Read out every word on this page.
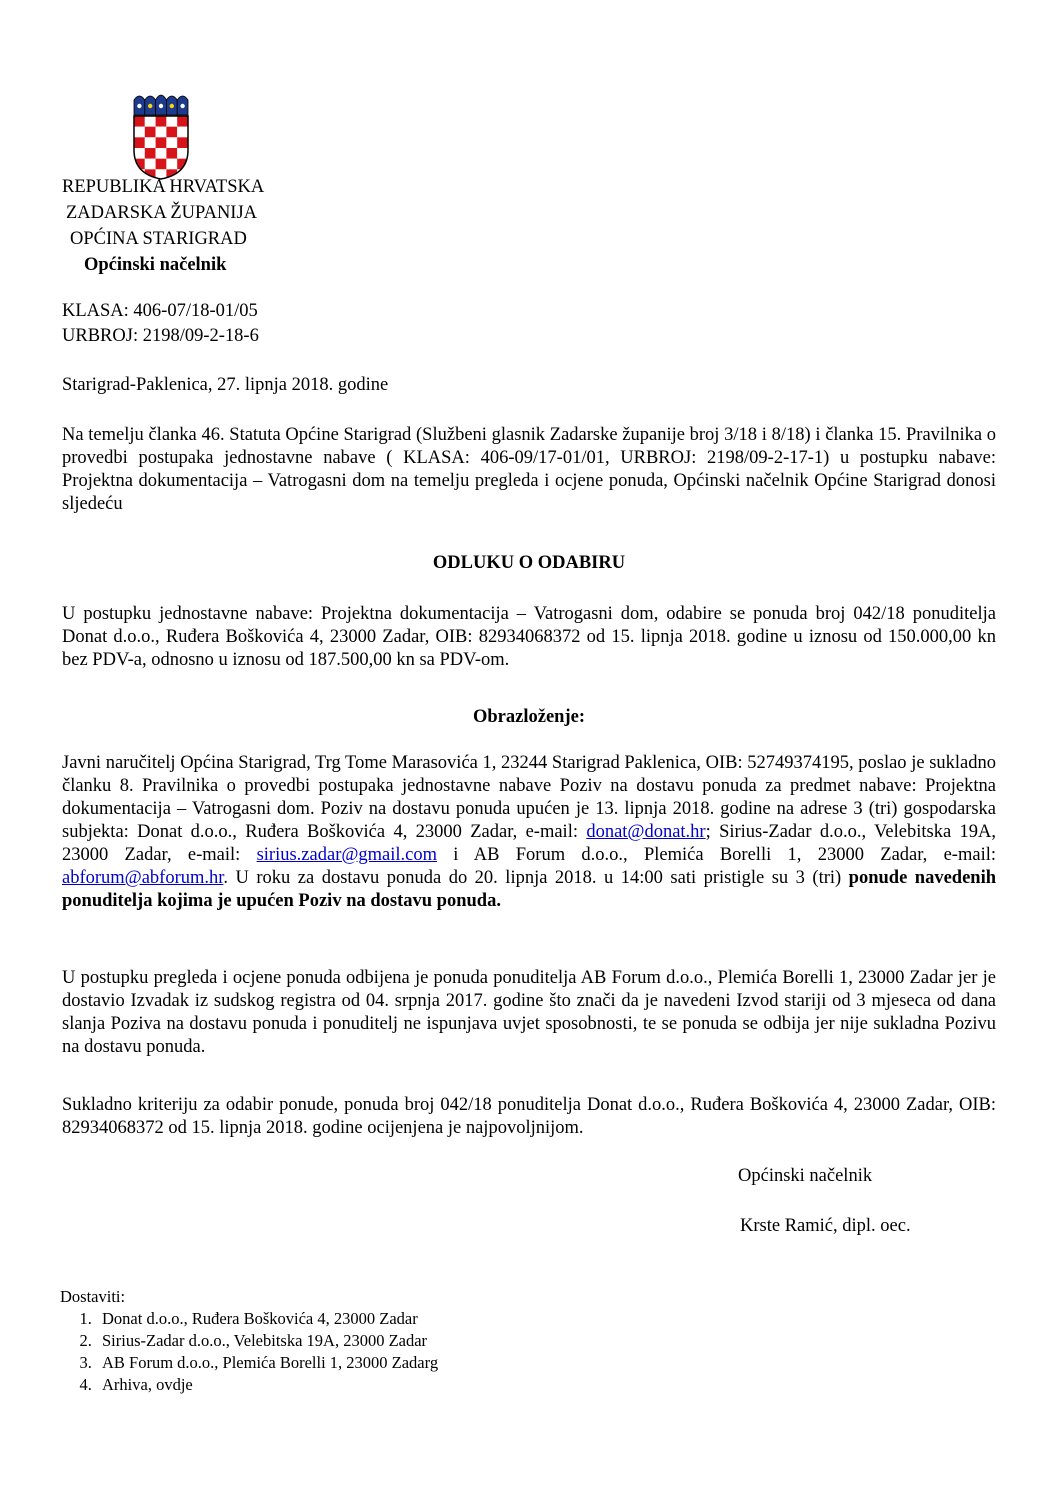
REPUBLIKA HRVATSKA
ZADARSKA ŽUPANIJA
OPĆINA STARIGRAD
Općinski načelnik
KLASA: 406-07/18-01/05
URBROJ: 2198/09-2-18-6
Starigrad-Paklenica, 27. lipnja 2018. godine
Na temelju članka 46. Statuta Općine Starigrad (Službeni glasnik Zadarske županije broj 3/18 i 8/18) i članka 15. Pravilnika o provedbi postupaka jednostavne nabave ( KLASA: 406-09/17-01/01, URBROJ: 2198/09-2-17-1) u postupku nabave: Projektna dokumentacija – Vatrogasni dom na temelju pregleda i ocjene ponuda, Općinski načelnik Općine Starigrad donosi sljedeću
ODLUKU O ODABIRU
U postupku jednostavne nabave: Projektna dokumentacija – Vatrogasni dom, odabire se ponuda broj 042/18 ponuditelja Donat d.o.o., Ruđera Boškovića 4, 23000 Zadar, OIB: 82934068372 od 15. lipnja 2018. godine u iznosu od 150.000,00 kn bez PDV-a, odnosno u iznosu od 187.500,00 kn sa PDV-om.
Obrazloženje:
Javni naručitelj Općina Starigrad, Trg Tome Marasovića 1, 23244 Starigrad Paklenica, OIB: 52749374195, poslao je sukladno članku 8. Pravilnika o provedbi postupaka jednostavne nabave Poziv na dostavu ponuda za predmet nabave: Projektna dokumentacija – Vatrogasni dom. Poziv na dostavu ponuda upućen je 13. lipnja 2018. godine na adrese 3 (tri) gospodarska subjekta: Donat d.o.o., Ruđera Boškovića 4, 23000 Zadar, e-mail: donat@donat.hr; Sirius-Zadar d.o.o., Velebitska 19A, 23000 Zadar, e-mail: sirius.zadar@gmail.com i AB Forum d.o.o., Plemića Borelli 1, 23000 Zadar, e-mail: abforum@abforum.hr. U roku za dostavu ponuda do 20. lipnja 2018. u 14:00 sati pristigle su 3 (tri) ponude navedenih ponuditelja kojima je upućen Poziv na dostavu ponuda.
U postupku pregleda i ocjene ponuda odbijena je ponuda ponuditelja AB Forum d.o.o., Plemića Borelli 1, 23000 Zadar jer je dostavio Izvadak iz sudskog registra od 04. srpnja 2017. godine što znači da je navedeni Izvod stariji od 3 mjeseca od dana slanja Poziva na dostavu ponuda i ponuditelj ne ispunjava uvjet sposobnosti, te se ponuda se odbija jer nije sukladna Pozivu na dostavu ponuda.
Sukladno kriteriju za odabir ponude, ponuda broj 042/18 ponuditelja Donat d.o.o., Ruđera Boškovića 4, 23000 Zadar, OIB: 82934068372 od 15. lipnja 2018. godine ocijenjena je najpovoljnijom.
Općinski načelnik
Krste Ramić, dipl. oec.
Dostaviti:
1. Donat d.o.o., Ruđera Boškovića 4, 23000 Zadar
2. Sirius-Zadar d.o.o., Velebitska 19A, 23000 Zadar
3. AB Forum d.o.o., Plemića Borelli 1, 23000 Zadarg
4. Arhiva, ovdje
